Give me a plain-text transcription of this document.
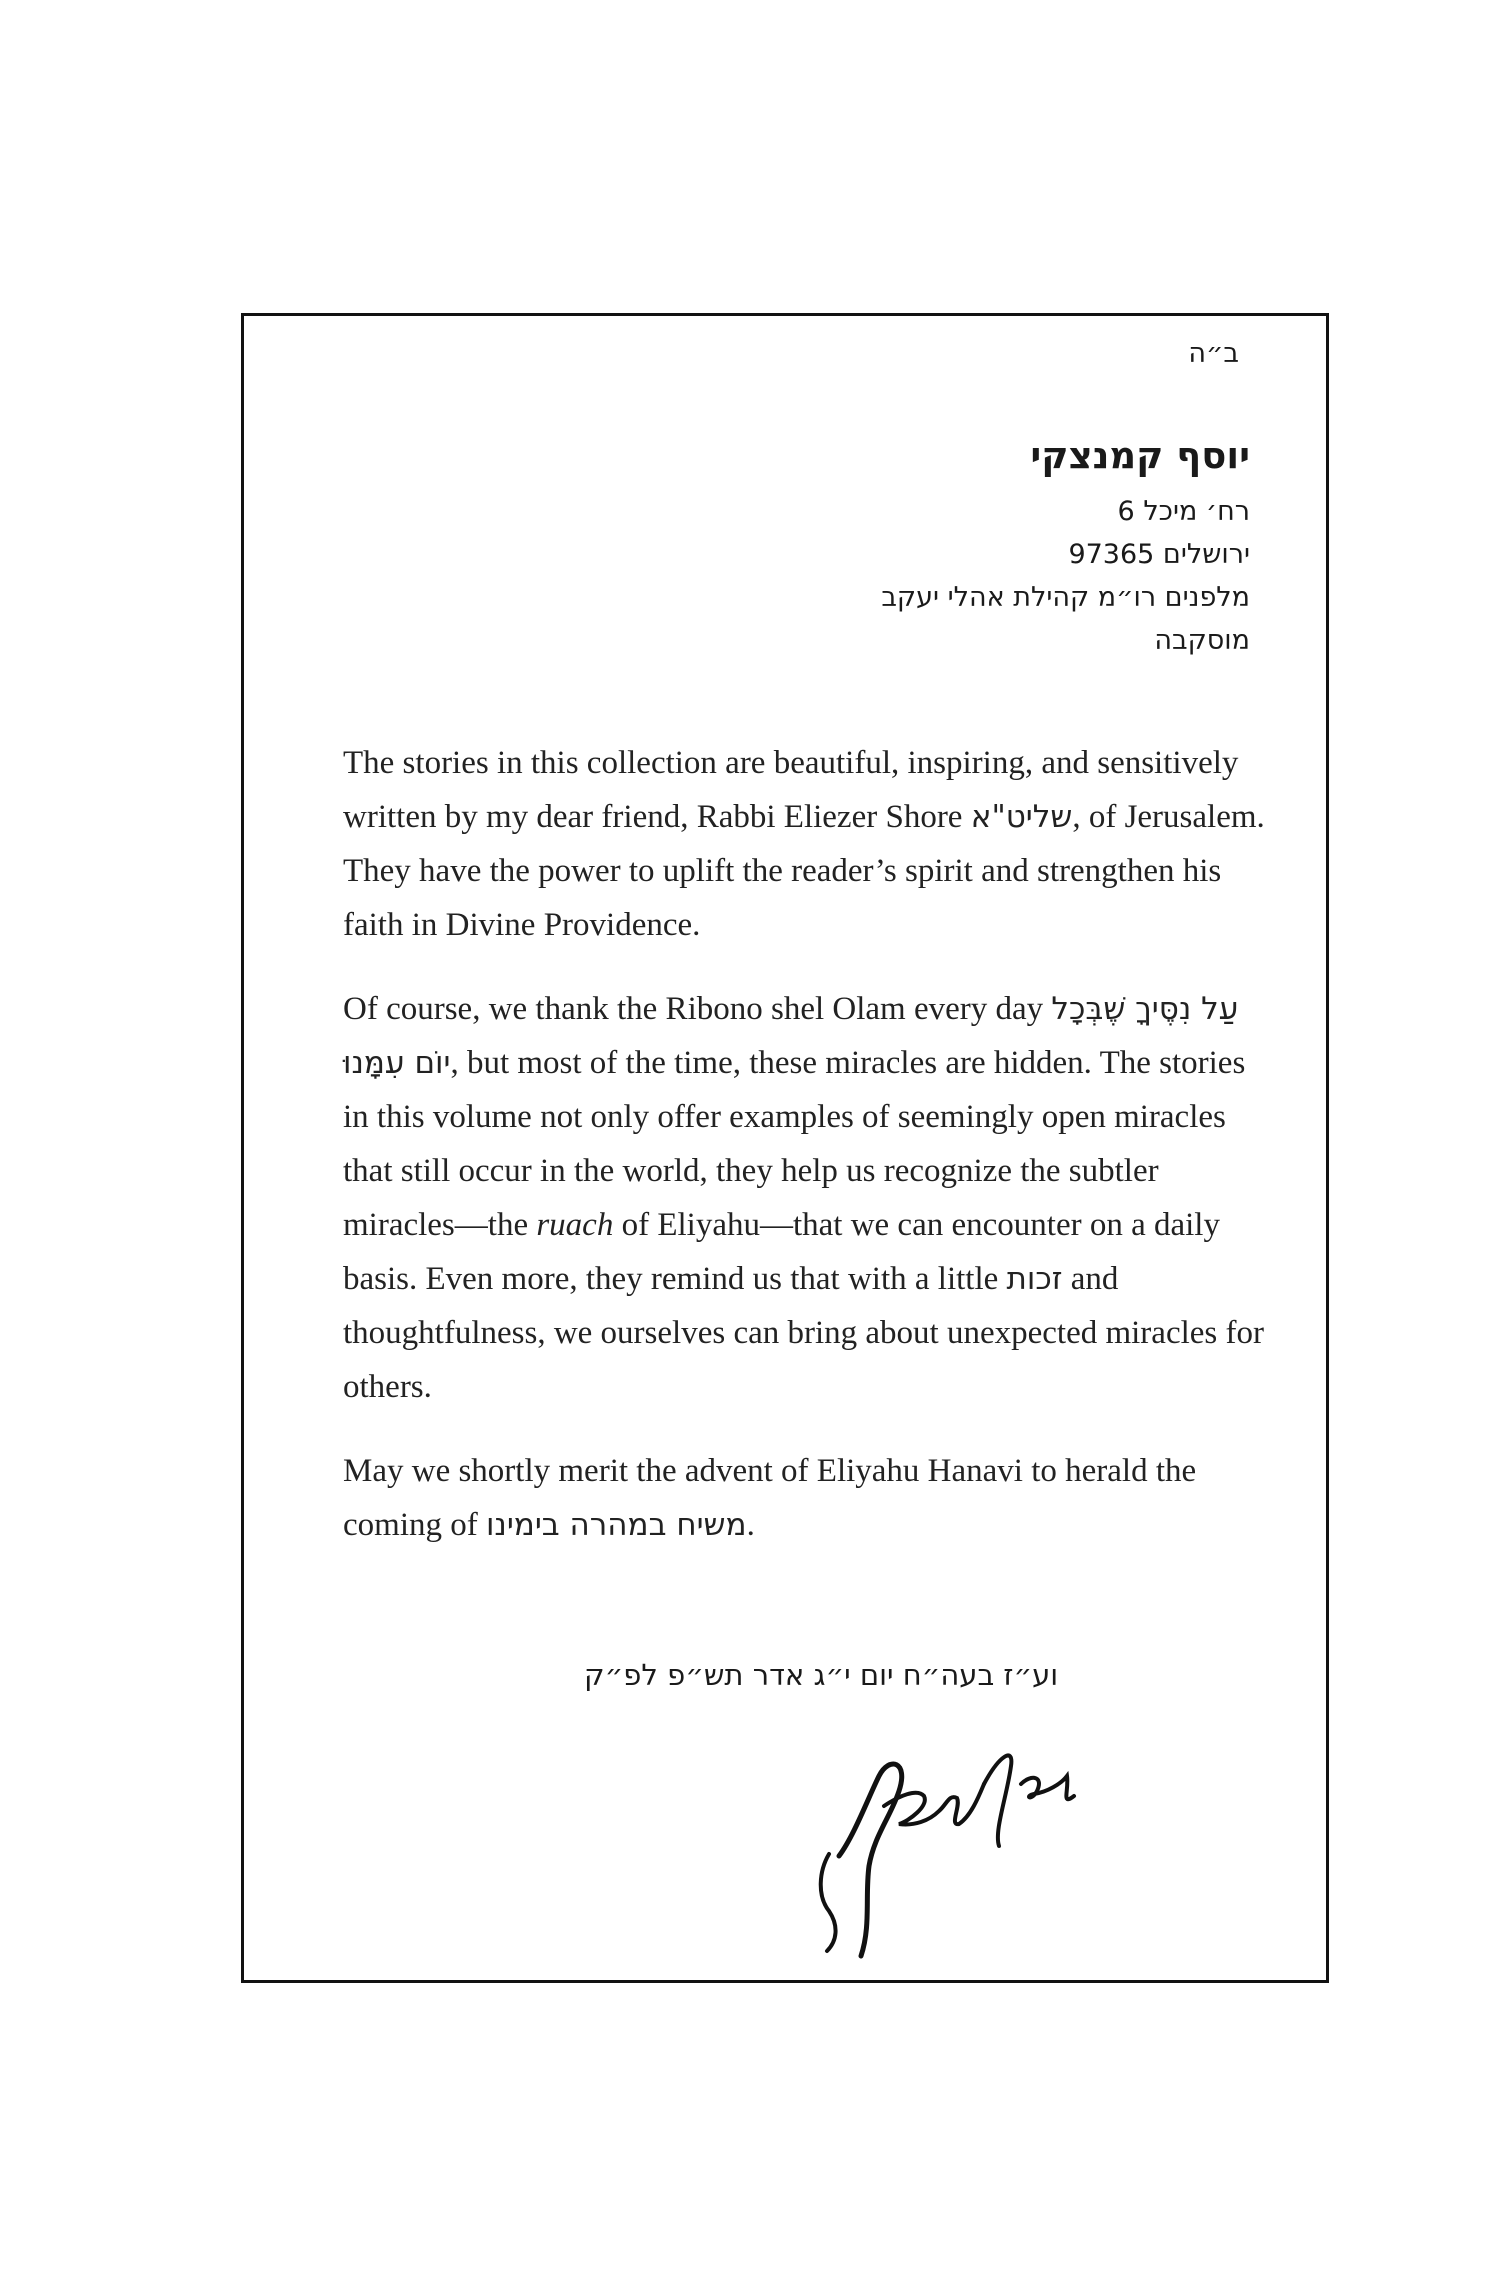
ב״ה
יוסף קמנצקי
רח׳ מיכל 6
ירושלים 97365
מלפנים רו״מ קהילת אהלי יעקב
מוסקבה

The stories in this collection are beautiful, inspiring, and sensitively written by my dear friend, Rabbi Eliezer Shore שליט"א, of Jerusalem. They have the power to uplift the reader’s spirit and strengthen his faith in Divine Providence.

Of course, we thank the Ribono shel Olam every day עַל נִסֶּיךָ שֶׁבְּכָל יוֹם עִמָּנוּ, but most of the time, these miracles are hidden. The stories in this volume not only offer examples of seemingly open miracles that still occur in the world, they help us recognize the subtler miracles—the ruach of Eliyahu—that we can encounter on a daily basis. Even more, they remind us that with a little זכות and thoughtfulness, we ourselves can bring about unexpected miracles for others.

May we shortly merit the advent of Eliyahu Hanavi to herald the coming of משיח במהרה בימינו.

וע״ז בעה״ח יום י״ג אדר תש״פ לפ״ק
